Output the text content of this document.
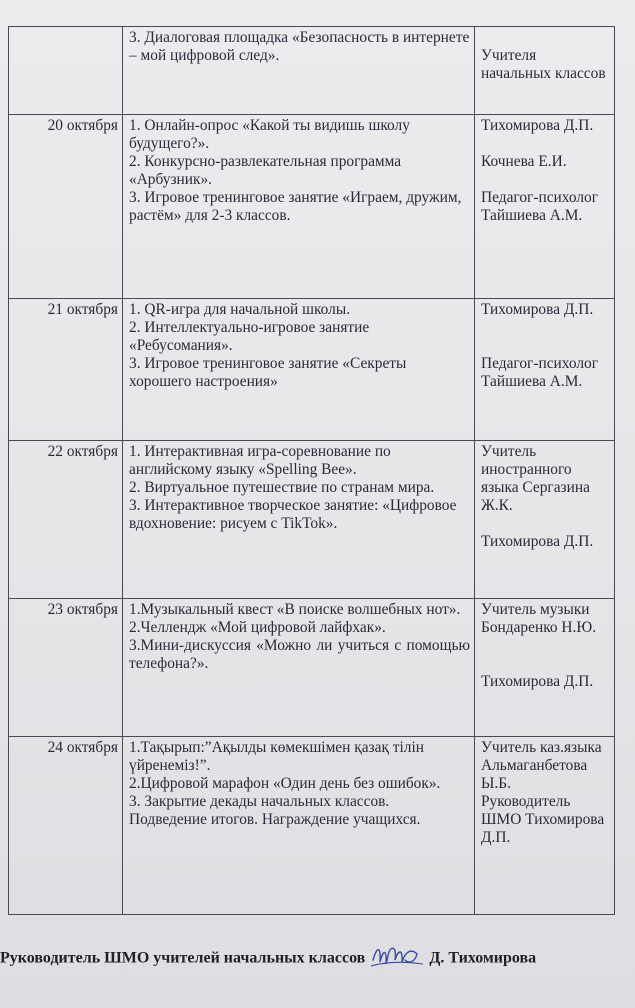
	3. Диалоговая площадка «Безопасность в интернете – мой цифровой след».	Учителя начальных классов

20 октября	1. Онлайн-опрос «Какой ты видишь школу будущего?».
2. Конкурсно-развлекательная программа «Арбузник».
3. Игровое тренинговое занятие «Играем, дружим, растём» для 2-3 классов.	Тихомирова Д.П.
Кочнева Е.И.
Педагог-психолог Тайшиева А.М.

21 октября	1. QR-игра для начальной школы.
2. Интеллектуально-игровое занятие «Ребусомания».
3. Игровое тренинговое занятие «Секреты хорошего настроения»	Тихомирова Д.П.
Педагог-психолог Тайшиева А.М.

22 октября	1. Интерактивная игра-соревнование по английскому языку «Spelling Bee».
2. Виртуальное путешествие по странам мира.
3. Интерактивное творческое занятие: «Цифровое вдохновение: рисуем с TikTok».	Учитель иностранного языка Сергазина Ж.К.
Тихомирова Д.П.

23 октября	1.Музыкальный квест «В поиске волшебных нот».
2.Челлендж «Мой цифровой лайфхак».
3.Мини-дискуссия «Можно ли учиться с помощью телефона?».	Учитель музыки Бондаренко Н.Ю.
Тихомирова Д.П.

24 октября	1.Тақырып:”Ақылды көмекшімен қазақ тілін үйренеміз!”.
2.Цифровой марафон «Один день без ошибок».
3. Закрытие декады начальных классов. Подведение итогов. Награждение учащихся.	Учитель каз.языка Альмаганбетова Ы.Б.
Руководитель ШМО Тихомирова Д.П.
Руководитель ШМО учителей начальных классов	Д. Тихомирова
